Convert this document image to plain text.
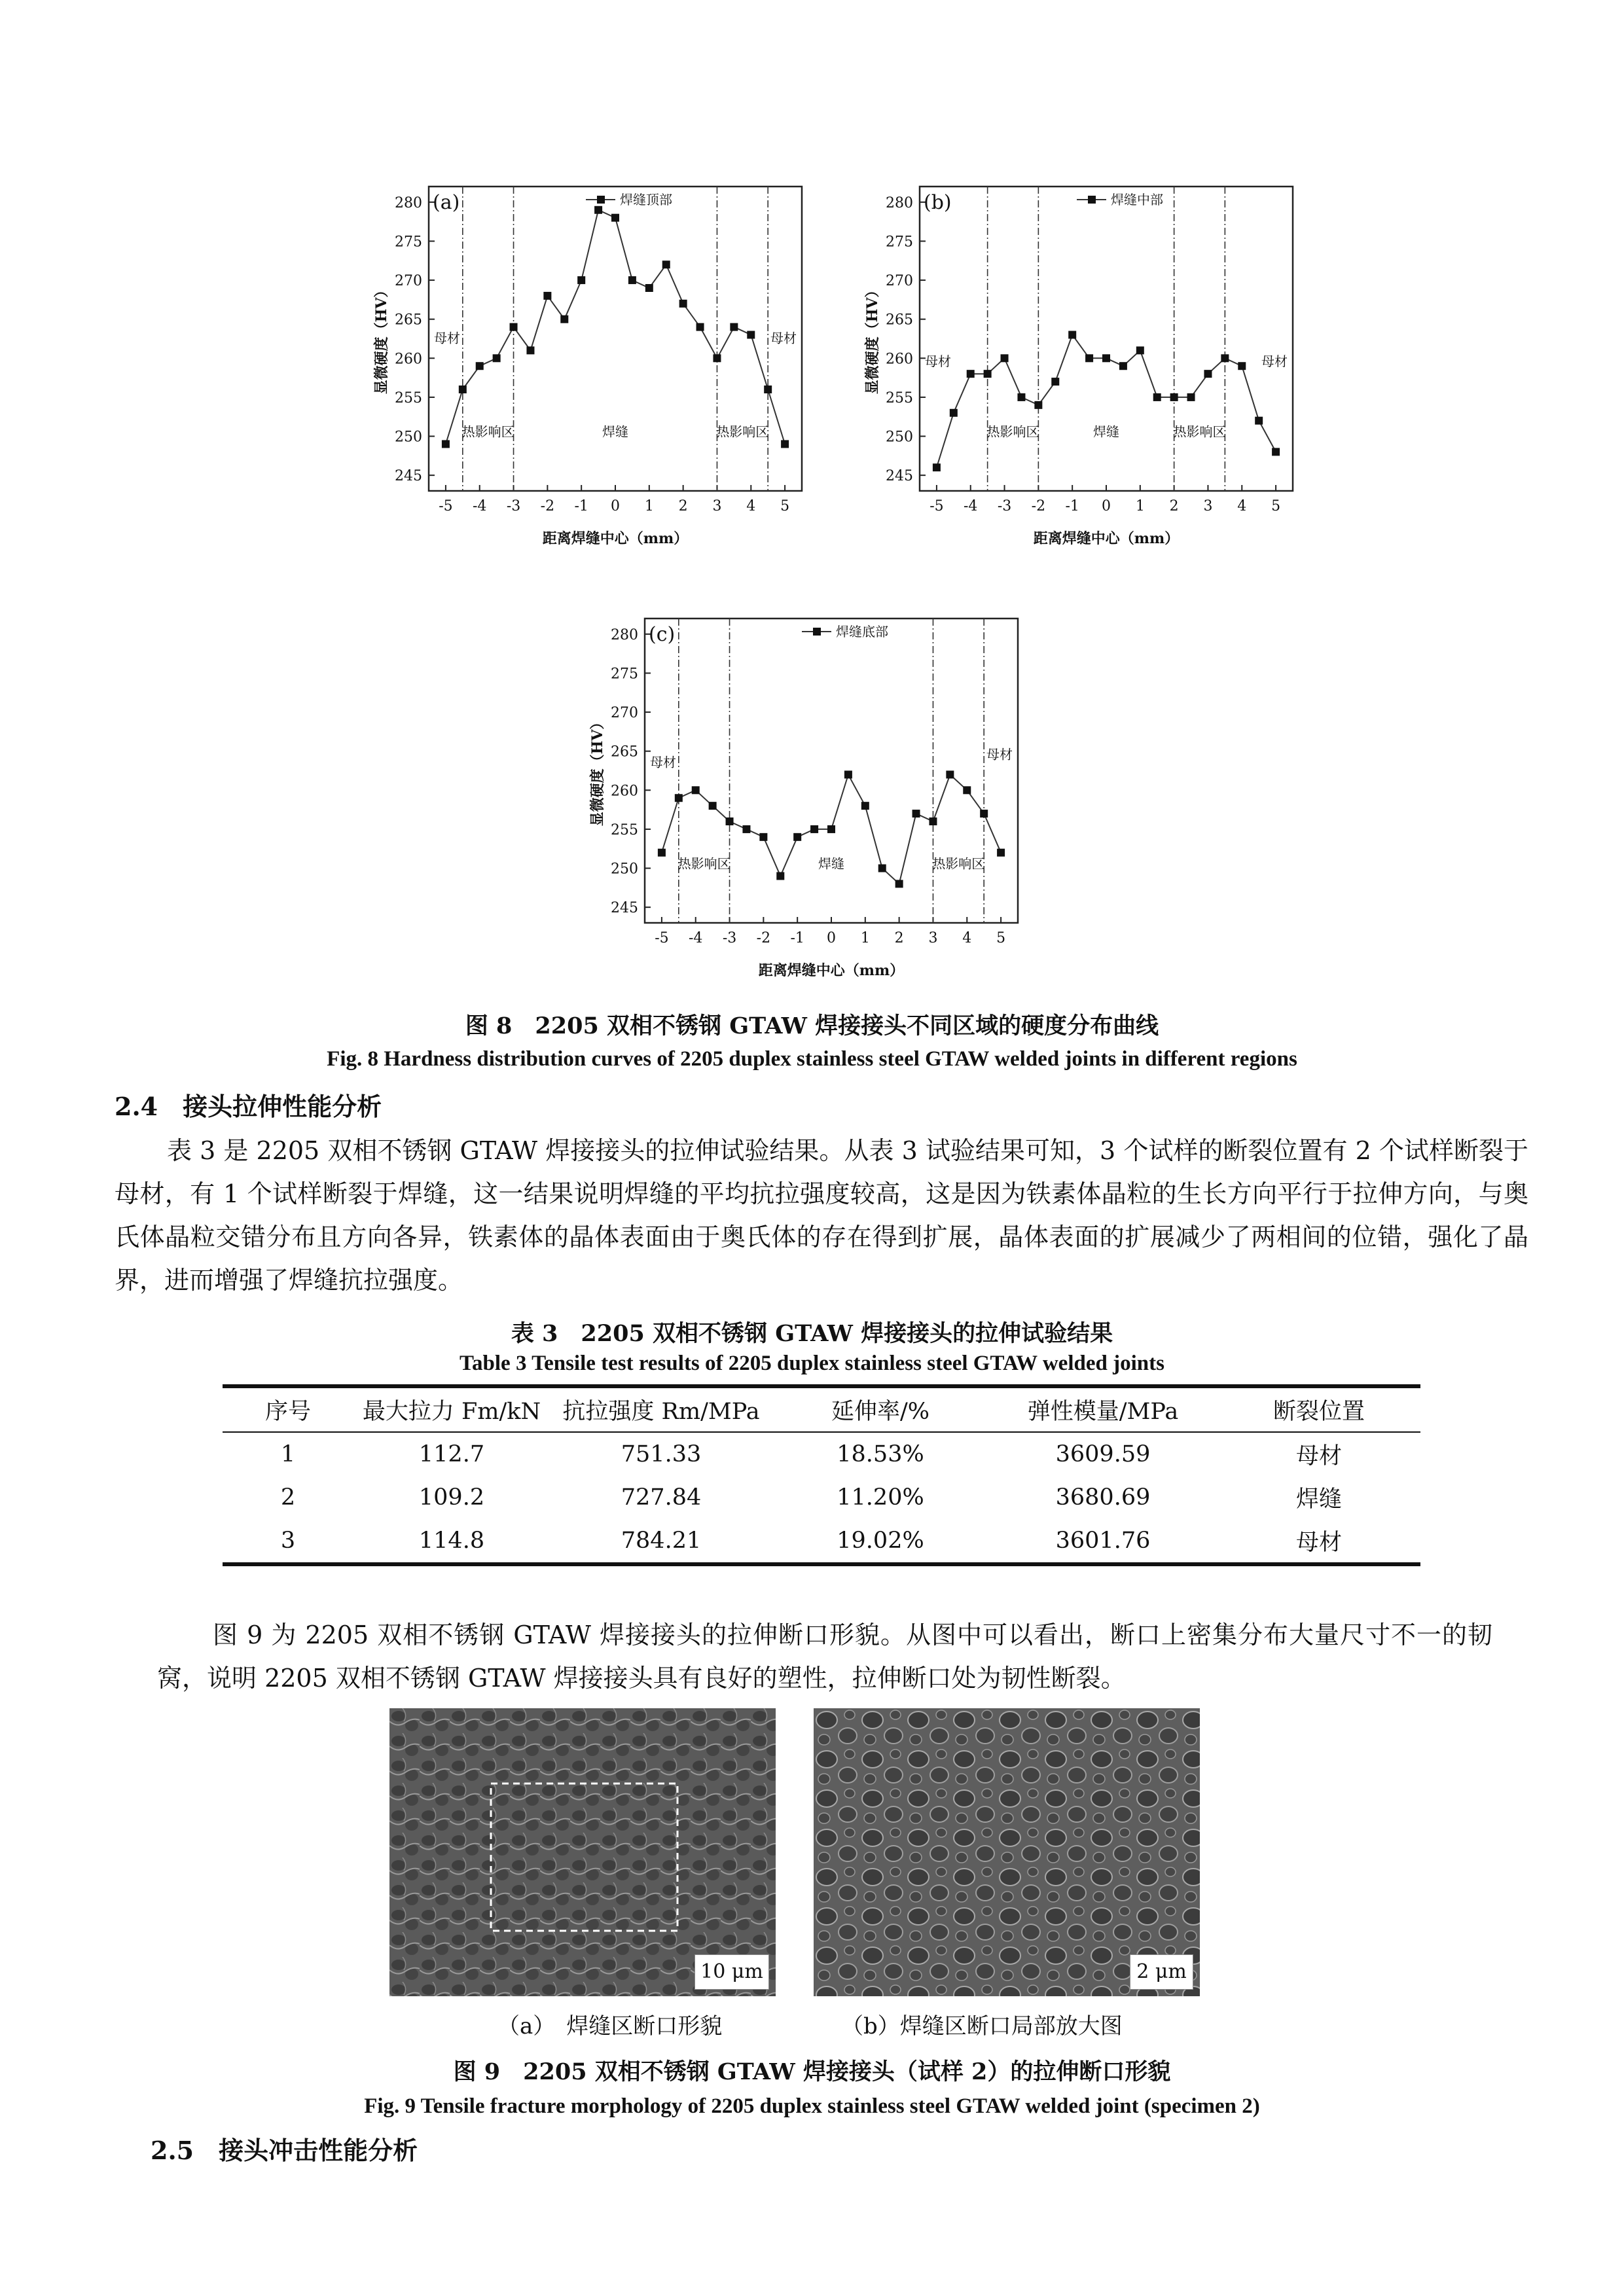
245
250
255
260
265
270
275
280
-5 -4 -3 -2 -1 0 1 2 3 4 5
母材
热影响区	焊缝	热影响区
母材
焊缝顶部
(a)
距离焊缝中心（mm）
显微硬度（HV）
245
250
255
260
265
270
275
280
-5 -4 -3 -2 -1 0 1 2 3 4 5
母材
热影响区	焊缝	热影响区
母材
焊缝中部
(b)
距离焊缝中心（mm）
显微硬度（HV）
245
250
255
260
265
270
275
280
-5 -4 -3 -2 -1 0 1 2 3 4 5
母材
热影响区	焊缝	热影响区
母材
焊缝底部
(c)
距离焊缝中心（mm）
显微硬度（HV）
图 8　2205 双相不锈钢 GTAW 焊接接头不同区域的硬度分布曲线
Fig. 8 Hardness distribution curves of 2205 duplex stainless steel GTAW welded joints in different regions
2.4　接头拉伸性能分析

表 3 是 2205 双相不锈钢 GTAW 焊接接头的拉伸试验结果。从表 3 试验结果可知，3 个试样的断裂位置有 2 个试样断裂于母材，有 1 个试样断裂于焊缝，这一结果说明焊缝的平均抗拉强度较高，这是因为铁素体晶粒的生长方向平行于拉伸方向，与奥氏体晶粒交错分布且方向各异，铁素体的晶体表面由于奥氏体的存在得到扩展，晶体表面的扩展减少了两相间的位错，强化了晶界，进而增强了焊缝抗拉强度。

表 3　2205 双相不锈钢 GTAW 焊接接头的拉伸试验结果
Table 3 Tensile test results of 2205 duplex stainless steel GTAW welded joints
序号	最大拉力 Fm/kN	抗拉强度 Rm/MPa	延伸率/%	弹性模量/MPa	断裂位置
1	112.7	751.33	18.53%	3609.59	母材
2	109.2	727.84	11.20%	3680.69	焊缝
3	114.8	784.21	19.02%	3601.76	母材

图 9 为 2205 双相不锈钢 GTAW 焊接接头的拉伸断口形貌。从图中可以看出，断口上密集分布大量尺寸不一的韧窝，说明 2205 双相不锈钢 GTAW 焊接接头具有良好的塑性，拉伸断口处为韧性断裂。

10 μm	2 μm
（a）　焊缝区断口形貌	（b）焊缝区断口局部放大图
图 9　2205 双相不锈钢 GTAW 焊接接头（试样 2）的拉伸断口形貌
Fig. 9 Tensile fracture morphology of 2205 duplex stainless steel GTAW welded joint (specimen 2)
2.5　接头冲击性能分析
